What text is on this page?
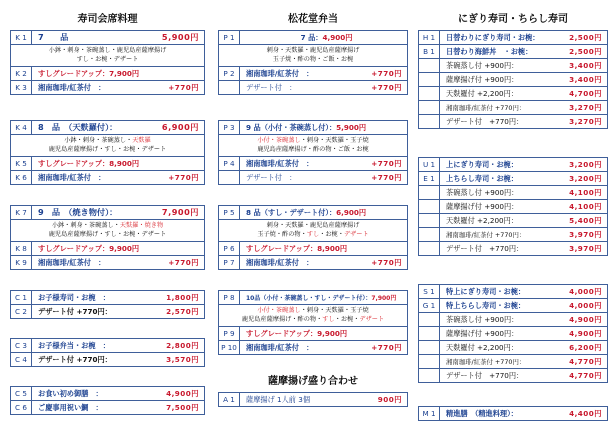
寿司会席料理
K 1	7　　品	5,900円
小鉢・刺身・茶碗蒸し・鹿児島産薩摩揚げ
すし・お椀・デザート
K 2	すしグレードアップ：7,900円
K 3	湘南珈琲/紅茶付　：	+770円
K 4	8　品　（天麩羅付）：	6,900円
小鉢・刺身・茶碗蒸し・天麩羅
鹿児島産薩摩揚げ・すし・お椀・デザート
K 5	すしグレードアップ：8,900円
K 6	湘南珈琲/紅茶付　：	+770円
K 7	9　品　（焼き物付）：	7,900円
小鉢・刺身・茶碗蒸し・天麩羅・焼き物
鹿児島産薩摩揚げ・すし・お椀・デザート
K 8	すしグレードアップ：9,900円
K 9	湘南珈琲/紅茶付　：	+770円
C 1	お子様寿司・お椀　：	1,800円
C 2	デザート付 +770円：	2,570円
C 3	お子様弁当・お椀　：	2,800円
C 4	デザート付 +770円：	3,570円
C 5	お食い初め御膳　：	4,900円
C 6	ご慶事用祝い鯛　：	7,500円
松花堂弁当
P 1	7 品：4,900円
刺身・天麩羅・鹿児島産薩摩揚げ
玉子焼・酢の物・ご飯・お椀
P 2	湘南珈琲/紅茶付　：	+770円
デザート付　：	+770円
P 3	9 品（小付・茶碗蒸し付）：5,900円
小付・茶碗蒸し・刺身・天麩羅・玉子焼
鹿児島産薩摩揚げ・酢の物・ご飯・お椀
P 4	湘南珈琲/紅茶付　：	+770円
デザート付　：	+770円
P 5	8 品（すし・デザート付）：6,900円
刺身・天麩羅・鹿児島産薩摩揚げ
玉子焼・酢の物・すし・お椀・デザート
P 6	すしグレードアップ：8,900円
P 7	湘南珈琲/紅茶付　：	+770円
P 8	10品（小付・茶碗蒸し・すし・デザート付）：7,900円
小付・茶碗蒸し・刺身・天麩羅・玉子焼
鹿児島産薩摩揚げ・酢の物・すし・お椀・デザート
P 9	すしグレードアップ：9,900円
P 10	湘南珈琲/紅茶付　：	+770円
薩摩揚げ盛り合わせ
A 1	薩摩揚げ 1人前 3個	900円
にぎり寿司・ちらし寿司
H 1	日替わりにぎり寿司・お椀：	2,500円
B 1	日替わり海鮮丼　・お椀：	2,500円
茶碗蒸し付 +900円：	3,400円
薩摩揚げ付 +900円：	3,400円
天麩羅付 +2,200円：	4,700円
湘南珈琲/紅茶付 +770円：	3,270円
デザート付　+770円：	3,270円
U 1	上にぎり寿司・お椀：	3,200円
E 1	上ちらし寿司・お椀：	3,200円
茶碗蒸し付 +900円：	4,100円
薩摩揚げ付 +900円：	4,100円
天麩羅付 +2,200円：	5,400円
湘南珈琲/紅茶付 +770円：	3,970円
デザート付　+770円：	3,970円
S 1	特上にぎり寿司・お椀：	4,000円
G 1	特上ちらし寿司・お椀：	4,000円
茶碗蒸し付 +900円：	4,900円
薩摩揚げ付 +900円：	4,900円
天麩羅付 +2,200円：	6,200円
湘南珈琲/紅茶付 +770円：	4,770円
デザート付　+770円：	4,770円
M 1	精進膳　（精進料理）：	4,400円
